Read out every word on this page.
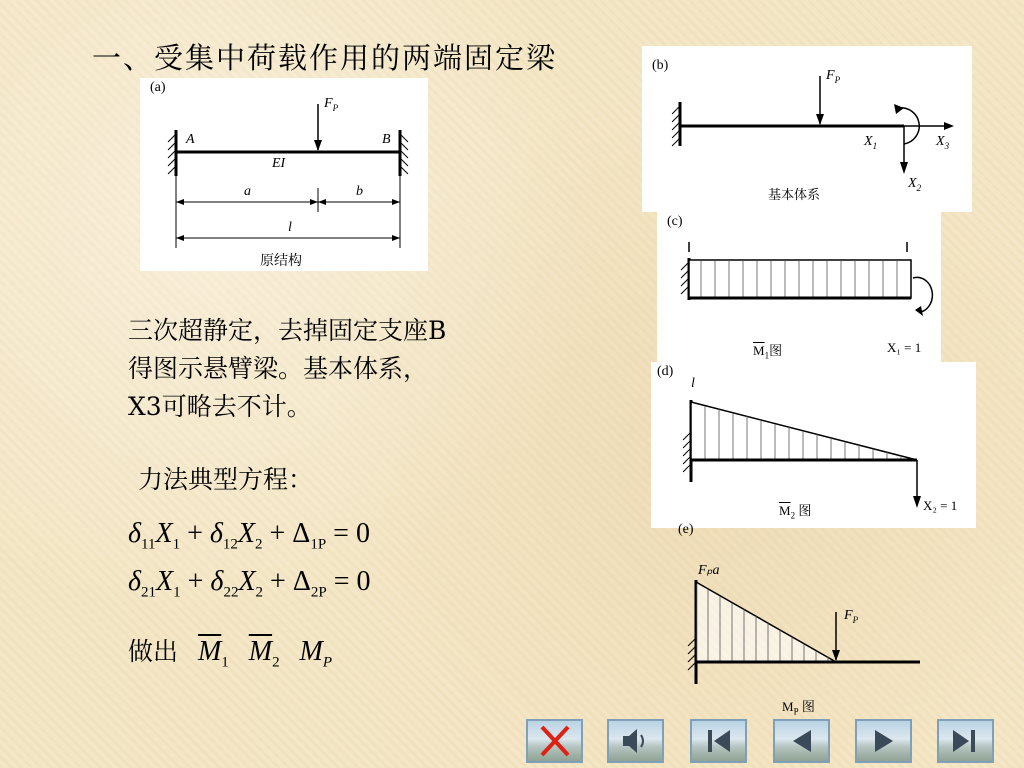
一、受集中荷载作用的两端固定梁
(a)
$F_P$
A	B
EI
a	b
l
原结构
(b)
$F_P$
$X_1$	$X_3$
$X_2$
基本体系
(c)
X₁ = 1
$\overline{M}_1$图
(d)
l
X₂ = 1
$\overline{M}_2$ 图
(e)
Fₚa
$F_P$
$M_P$ 图
三次超静定，去掉固定支座B
得图示悬臂梁。基本体系，
X3可略去不计。
力法典型方程：
$\delta_{11}X_1 + \delta_{12}X_2 + \Delta_{1P} = 0$
$\delta_{21}X_1 + \delta_{22}X_2 + \Delta_{2P} = 0$
做出 $\overline{M}_1$ $\overline{M}_2$ $M_P$
